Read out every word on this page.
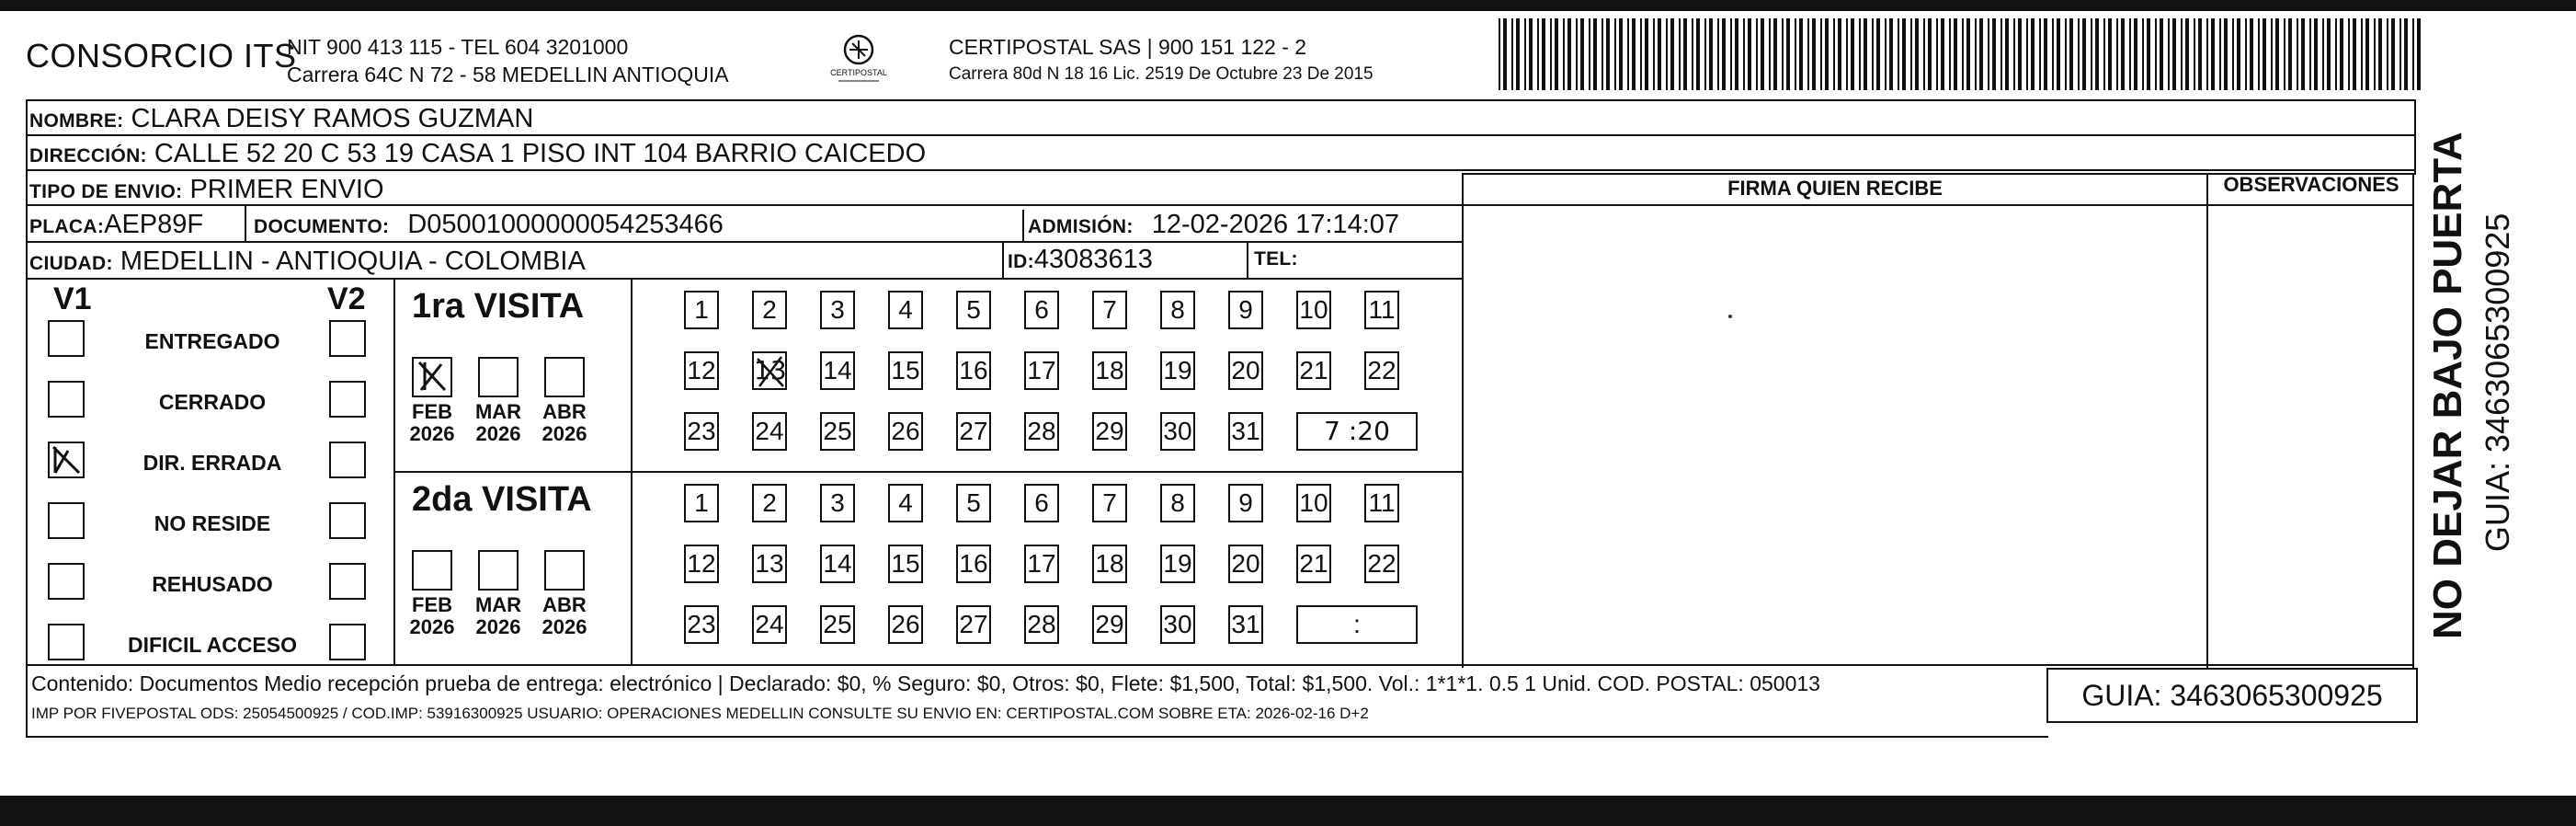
CONSORCIO ITS
NIT 900 413 115 - TEL 604 3201000
Carrera 64C N 72 - 58 MEDELLIN ANTIOQUIA	CERTIPOSTAL
CERTIPOSTAL SAS | 900 151 122 - 2
Carrera 80d N 18 16 Lic. 2519 De Octubre 23 De 2015
NOMBRE: CLARA DEISY RAMOS GUZMAN
DIRECCIÓN: CALLE 52 20 C 53 19 CASA 1 PISO INT 104 BARRIO CAICEDO
TIPO DE ENVIO: PRIMER ENVIO	FIRMA QUIEN RECIBE	OBSERVACIONES
PLACA:AEP89F	DOCUMENTO: D05001000000054253466	ADMISIÓN: 12-02-2026 17:14:07
CIUDAD: MEDELLIN - ANTIOQUIA - COLOMBIA	ID:43083613	TEL:
V1	V2
ENTREGADO
CERRADO
DIR. ERRADA
NO RESIDE
REHUSADO
DIFICIL ACCESO
1ra VISITA
2da VISITA
FEB
2026
MAR
2026
ABR
2026
1	2	3	4	5	6	7	8	9	10 11
12 13 14 15 16 17 18 19 20 21 22
23 24 25 26 27 28 29 30 31	7 :20
FEB
2026
MAR
2026
ABR
2026
1	2	3	4	5	6	7	8	9	10 11
12 13 14 15 16 17 18 19 20 21 22
23 24 25 26 27 28 29 30 31	:
Contenido: Documentos Medio recepción prueba de entrega: electrónico | Declarado: $0, % Seguro: $0, Otros: $0, Flete: $1,500, Total: $1,500. Vol.: 1*1*1. 0.5 1 Unid. COD. POSTAL: 050013
IMP POR FIVEPOSTAL ODS: 25054500925 / COD.IMP: 53916300925 USUARIO: OPERACIONES MEDELLIN CONSULTE SU ENVIO EN: CERTIPOSTAL.COM SOBRE ETA: 2026-02-16 D+2
GUIA: 3463065300925
NO DEJAR BAJO PUERTA GUIA: 3463065300925
